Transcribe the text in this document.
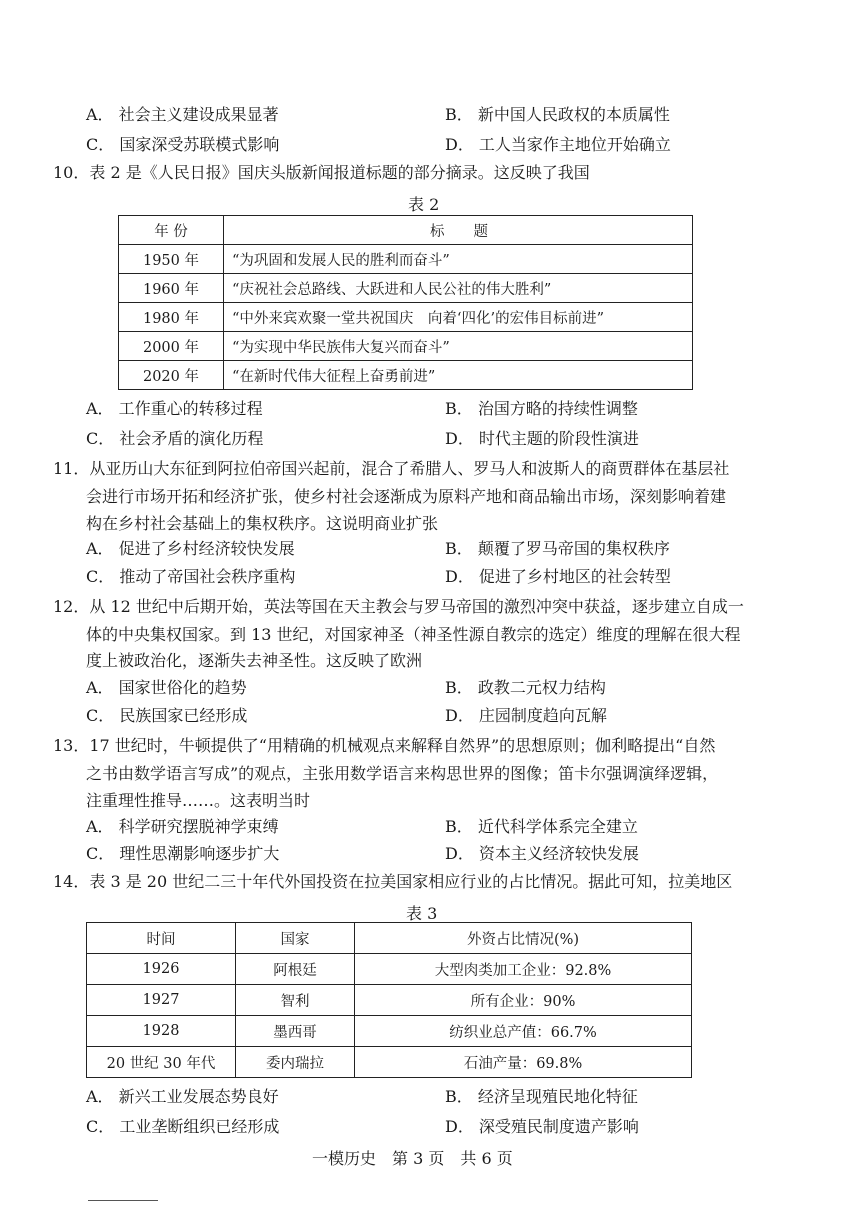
A． 社会主义建设成果显著	B． 新中国人民政权的本质属性
C． 国家深受苏联模式影响	D． 工人当家作主地位开始确立
10．表 2 是《人民日报》国庆头版新闻报道标题的部分摘录。这反映了我国
表 2
年 份	标　　题
1950 年	“为巩固和发展人民的胜利而奋斗”
1960 年	“庆祝社会总路线、大跃进和人民公社的伟大胜利”
1980 年	“中外来宾欢聚一堂共祝国庆　向着‘四化’的宏伟目标前进”
2000 年	“为实现中华民族伟大复兴而奋斗”
2020 年	“在新时代伟大征程上奋勇前进”
A． 工作重心的转移过程	B． 治国方略的持续性调整
C． 社会矛盾的演化历程	D． 时代主题的阶段性演进
11．从亚历山大东征到阿拉伯帝国兴起前，混合了希腊人、罗马人和波斯人的商贾群体在基层社
会进行市场开拓和经济扩张，使乡村社会逐渐成为原料产地和商品输出市场，深刻影响着建
构在乡村社会基础上的集权秩序。这说明商业扩张
A． 促进了乡村经济较快发展	B． 颠覆了罗马帝国的集权秩序
C． 推动了帝国社会秩序重构	D． 促进了乡村地区的社会转型
12．从 12 世纪中后期开始，英法等国在天主教会与罗马帝国的激烈冲突中获益，逐步建立自成一
体的中央集权国家。到 13 世纪，对国家神圣（神圣性源自教宗的选定）维度的理解在很大程
度上被政治化，逐渐失去神圣性。这反映了欧洲
A． 国家世俗化的趋势	B． 政教二元权力结构
C． 民族国家已经形成	D． 庄园制度趋向瓦解
13．17 世纪时，牛顿提供了“用精确的机械观点来解释自然界”的思想原则；伽利略提出“自然
之书由数学语言写成”的观点，主张用数学语言来构思世界的图像；笛卡尔强调演绎逻辑，
注重理性推导……。这表明当时
A． 科学研究摆脱神学束缚	B． 近代科学体系完全建立
C． 理性思潮影响逐步扩大	D． 资本主义经济较快发展
14．表 3 是 20 世纪二三十年代外国投资在拉美国家相应行业的占比情况。据此可知，拉美地区
表 3
时间	国家	外资占比情况(%)
1926	阿根廷	大型肉类加工企业：92.8%
1927	智利	所有企业：90%
1928	墨西哥	纺织业总产值：66.7%
20 世纪 30 年代	委内瑞拉	石油产量：69.8%
A． 新兴工业发展态势良好	B． 经济呈现殖民地化特征
C． 工业垄断组织已经形成	D． 深受殖民制度遗产影响
一模历史　第 3 页　共 6 页
